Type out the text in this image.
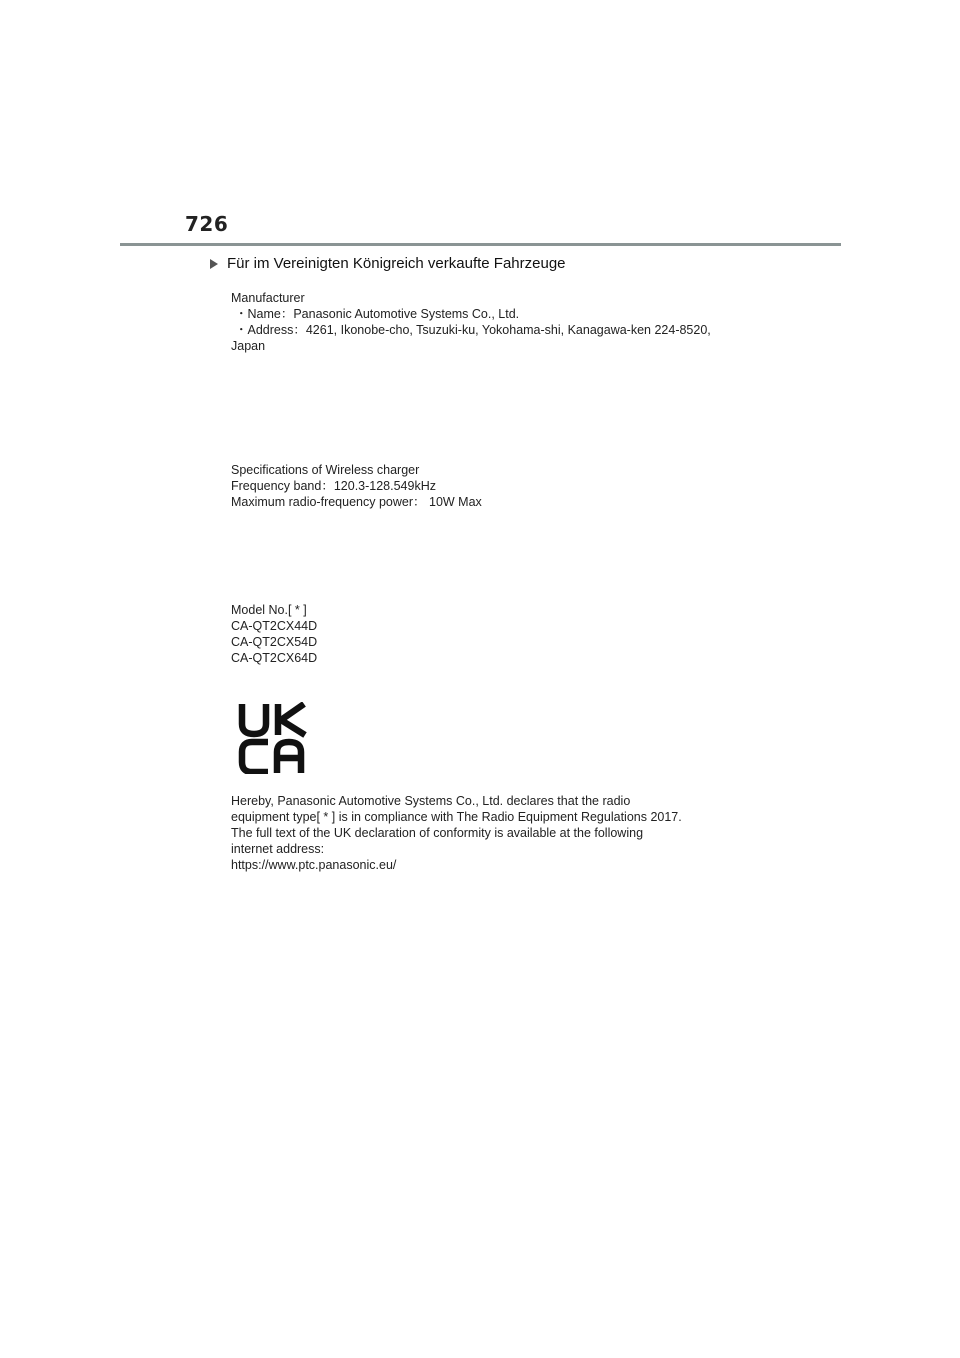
726
Für im Vereinigten Königreich verkaufte Fahrzeuge
Manufacturer
・Name：Panasonic Automotive Systems Co., Ltd.
・Address：4261, Ikonobe-cho, Tsuzuki-ku, Yokohama-shi, Kanagawa-ken 224-8520,
Japan
Specifications of Wireless charger
Frequency band：120.3-128.549kHz
Maximum radio-frequency power： 10W Max
Model No.[ * ]
CA-QT2CX44D
CA-QT2CX54D
CA-QT2CX64D
Hereby, Panasonic Automotive Systems Co., Ltd. declares that the radio
equipment type[ * ] is in compliance with The Radio Equipment Regulations 2017.
The full text of the UK declaration of conformity is available at the following
internet address:
https://www.ptc.panasonic.eu/
